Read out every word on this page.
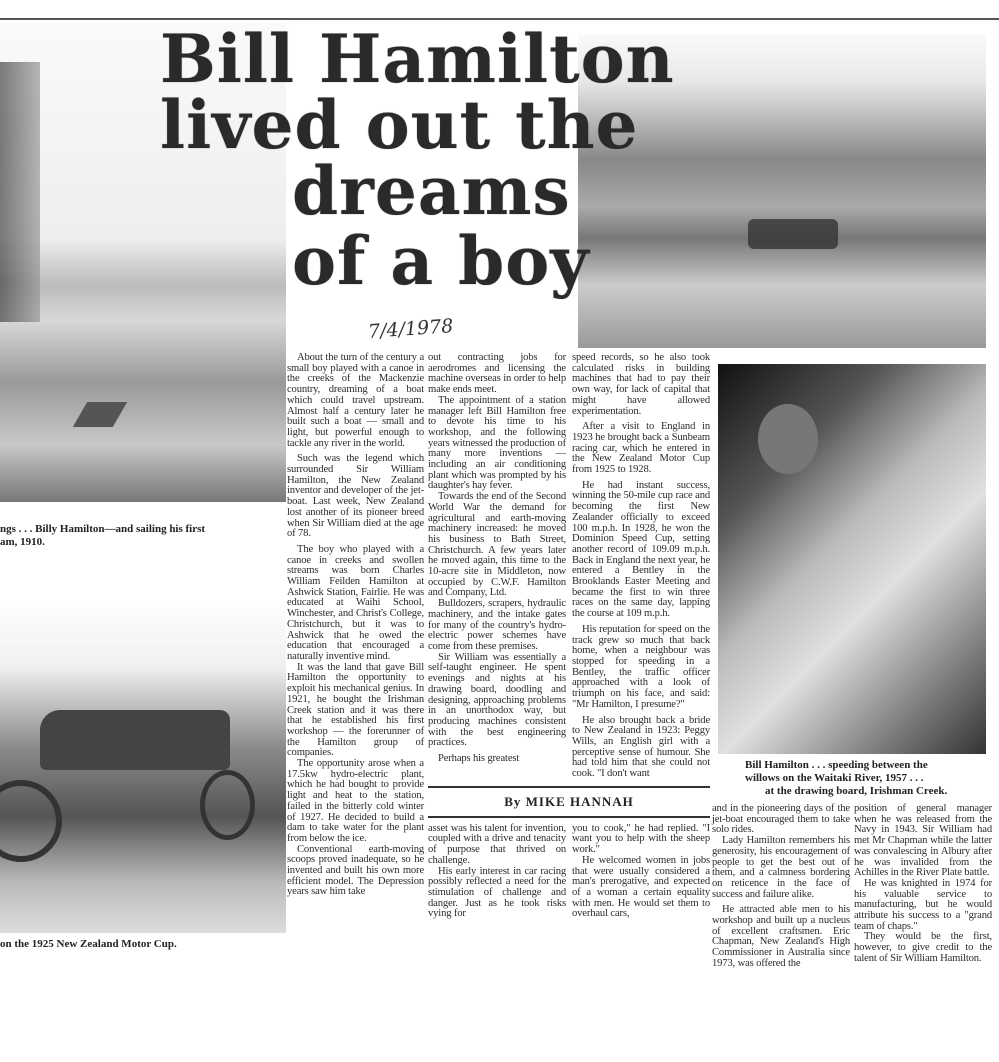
ngs . . . Billy Hamilton—and sailing his first
am, 1910.
on the 1925 New Zealand Motor Cup.
Bill Hamilton
lived out the
dreams
of a boy
7/4/1978

About the turn of the century a small boy played with a canoe in the creeks of the Mackenzie country, dreaming of a boat which could travel upstream. Almost half a century later he built such a boat — small and light, but powerful enough to tackle any river in the world.

Such was the legend which surrounded Sir William Hamilton, the New Zealand inventor and developer of the jet-boat. Last week, New Zealand lost another of its pioneer breed when Sir William died at the age of 78.

The boy who played with a canoe in creeks and swollen streams was born Charles William Feilden Hamilton at Ashwick Station, Fairlie. He was educated at Waihi School, Winchester, and Christ's College, Christchurch, but it was to Ashwick that he owed the education that encouraged a naturally inventive mind.

It was the land that gave Bill Hamilton the opportunity to exploit his mechanical genius. In 1921, he bought the Irishman Creek station and it was there that he established his first workshop — the forerunner of the Hamilton group of companies.

The opportunity arose when a 17.5kw hydro-electric plant, which he had bought to provide light and heat to the station, failed in the bitterly cold winter of 1927. He decided to build a dam to take water for the plant from below the ice.

Conventional earth-moving scoops proved inadequate, so he invented and built his own more efficient model. The Depression years saw him take

out contracting jobs for aerodromes and licensing the machine overseas in order to help make ends meet.

The appointment of a station manager left Bill Hamilton free to devote his time to his workshop, and the following years witnessed the production of many more inventions — including an air conditioning plant which was prompted by his daughter's hay fever.

Towards the end of the Second World War the demand for agricultural and earth-moving machinery increased: he moved his business to Bath Street, Christchurch. A few years later he moved again, this time to the 10-acre site in Middleton, now occupied by C.W.F. Hamilton and Company, Ltd.

Bulldozers, scrapers, hydraulic machinery, and the intake gates for many of the country's hydro-electric power schemes have come from these premises.

Sir William was essentially a self-taught engineer. He spent evenings and nights at his drawing board, doodling and designing, approaching problems in an unorthodox way, but producing machines consistent with the best engineering practices.

Perhaps his greatest

speed records, so he also took calculated risks in building machines that had to pay their own way, for lack of capital that might have allowed experimentation.

After a visit to England in 1923 he brought back a Sunbeam racing car, which he entered in the New Zealand Motor Cup from 1925 to 1928.

He had instant success, winning the 50-mile cup race and becoming the first New Zealander officially to exceed 100 m.p.h. In 1928, he won the Dominion Speed Cup, setting another record of 109.09 m.p.h. Back in England the next year, he entered a Bentley in the Brooklands Easter Meeting and became the first to win three races on the same day, lapping the course at 109 m.p.h.

His reputation for speed on the track grew so much that back home, when a neighbour was stopped for speeding in a Bentley, the traffic officer approached with a look of triumph on his face, and said: "Mr Hamilton, I presume?"

He also brought back a bride to New Zealand in 1923: Peggy Wills, an English girl with a perceptive sense of humour. She had told him that she could not cook. "I don't want

By MIKE HANNAH

asset was his talent for invention, coupled with a drive and tenacity of purpose that thrived on challenge.

His early interest in car racing possibly reflected a need for the stimulation of challenge and danger. Just as he took risks vying for

you to cook," he had replied. "I want you to help with the sheep work."

He welcomed women in jobs that were usually considered a man's prerogative, and expected of a woman a certain equality with men. He would set them to overhaul cars,

Bill Hamilton . . . speeding between the
willows on the Waitaki River, 1957 . . .
at the drawing board, Irishman Creek.

and in the pioneering days of the jet-boat encouraged them to take solo rides.

Lady Hamilton remembers his generosity, his encouragement of people to get the best out of them, and a calmness bordering on reticence in the face of success and failure alike.

He attracted able men to his workshop and built up a nucleus of excellent craftsmen. Eric Chapman, New Zealand's High Commissioner in Australia since 1973, was offered the

position of general manager when he was released from the Navy in 1943. Sir William had met Mr Chapman while the latter was convalescing in Albury after he was invalided from the Achilles in the River Plate battle.

He was knighted in 1974 for his valuable service to manufacturing, but he would attribute his success to a "grand team of chaps."

They would be the first, however, to give credit to the talent of Sir William Hamilton.
